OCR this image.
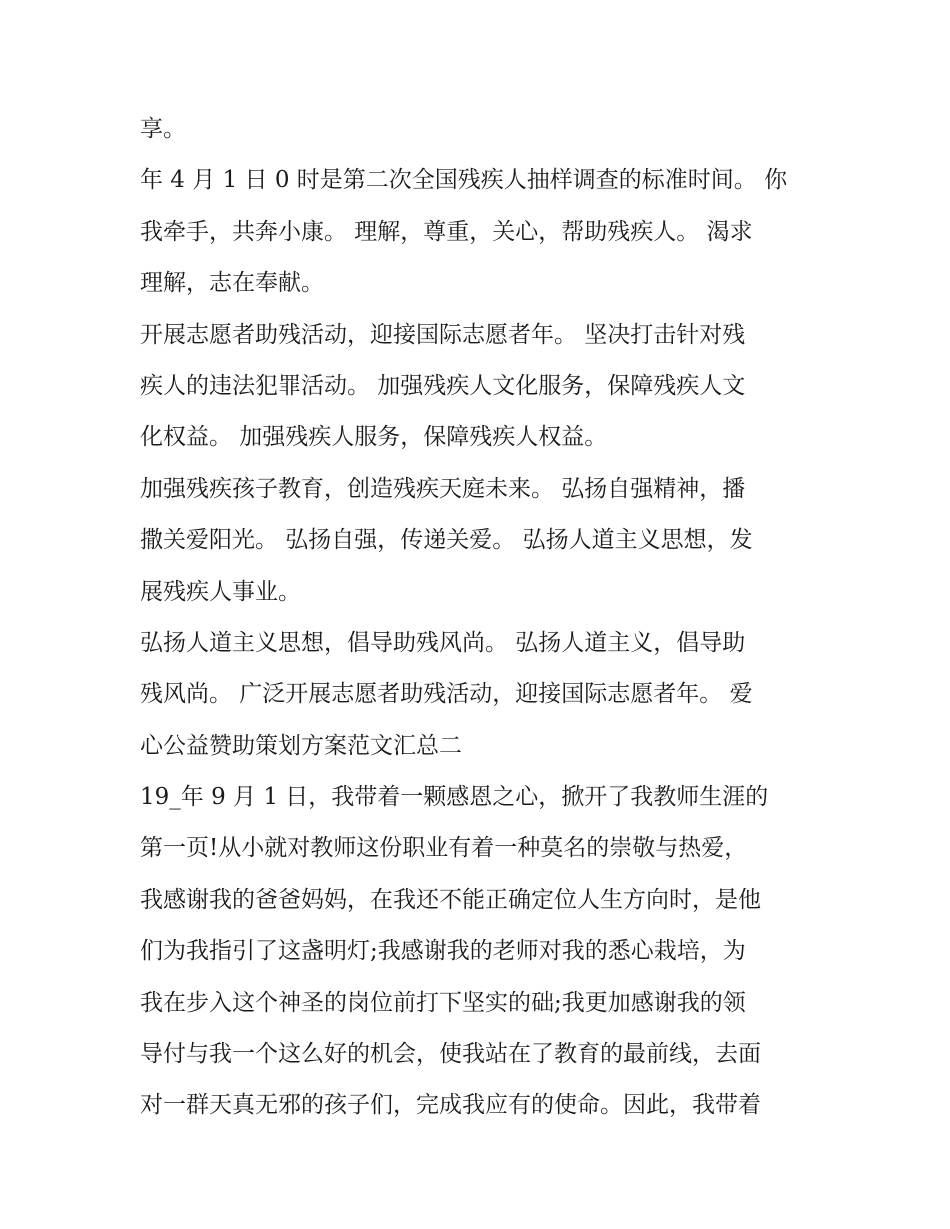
享。
年 4 月 1 日 0 时是第二次全国残疾人抽样调查的标准时间。 你
我牵手，共奔小康。 理解，尊重，关心，帮助残疾人。 渴求
理解，志在奉献。
开展志愿者助残活动，迎接国际志愿者年。 坚决打击针对残
疾人的违法犯罪活动。 加强残疾人文化服务，保障残疾人文
化权益。 加强残疾人服务，保障残疾人权益。
加强残疾孩子教育，创造残疾天庭未来。 弘扬自强精神，播
撒关爱阳光。 弘扬自强，传递关爱。 弘扬人道主义思想，发
展残疾人事业。
弘扬人道主义思想，倡导助残风尚。 弘扬人道主义，倡导助
残风尚。 广泛开展志愿者助残活动，迎接国际志愿者年。 爱
心公益赞助策划方案范文汇总二
19_年 9 月 1 日，我带着一颗感恩之心，掀开了我教师生涯的
第一页!从小就对教师这份职业有着一种莫名的崇敬与热爱，
我感谢我的爸爸妈妈，在我还不能正确定位人生方向时，是他
们为我指引了这盏明灯;我感谢我的老师对我的悉心栽培，为
我在步入这个神圣的岗位前打下坚实的础;我更加感谢我的领
导付与我一个这么好的机会，使我站在了教育的最前线，去面
对一群天真无邪的孩子们，完成我应有的使命。因此，我带着
